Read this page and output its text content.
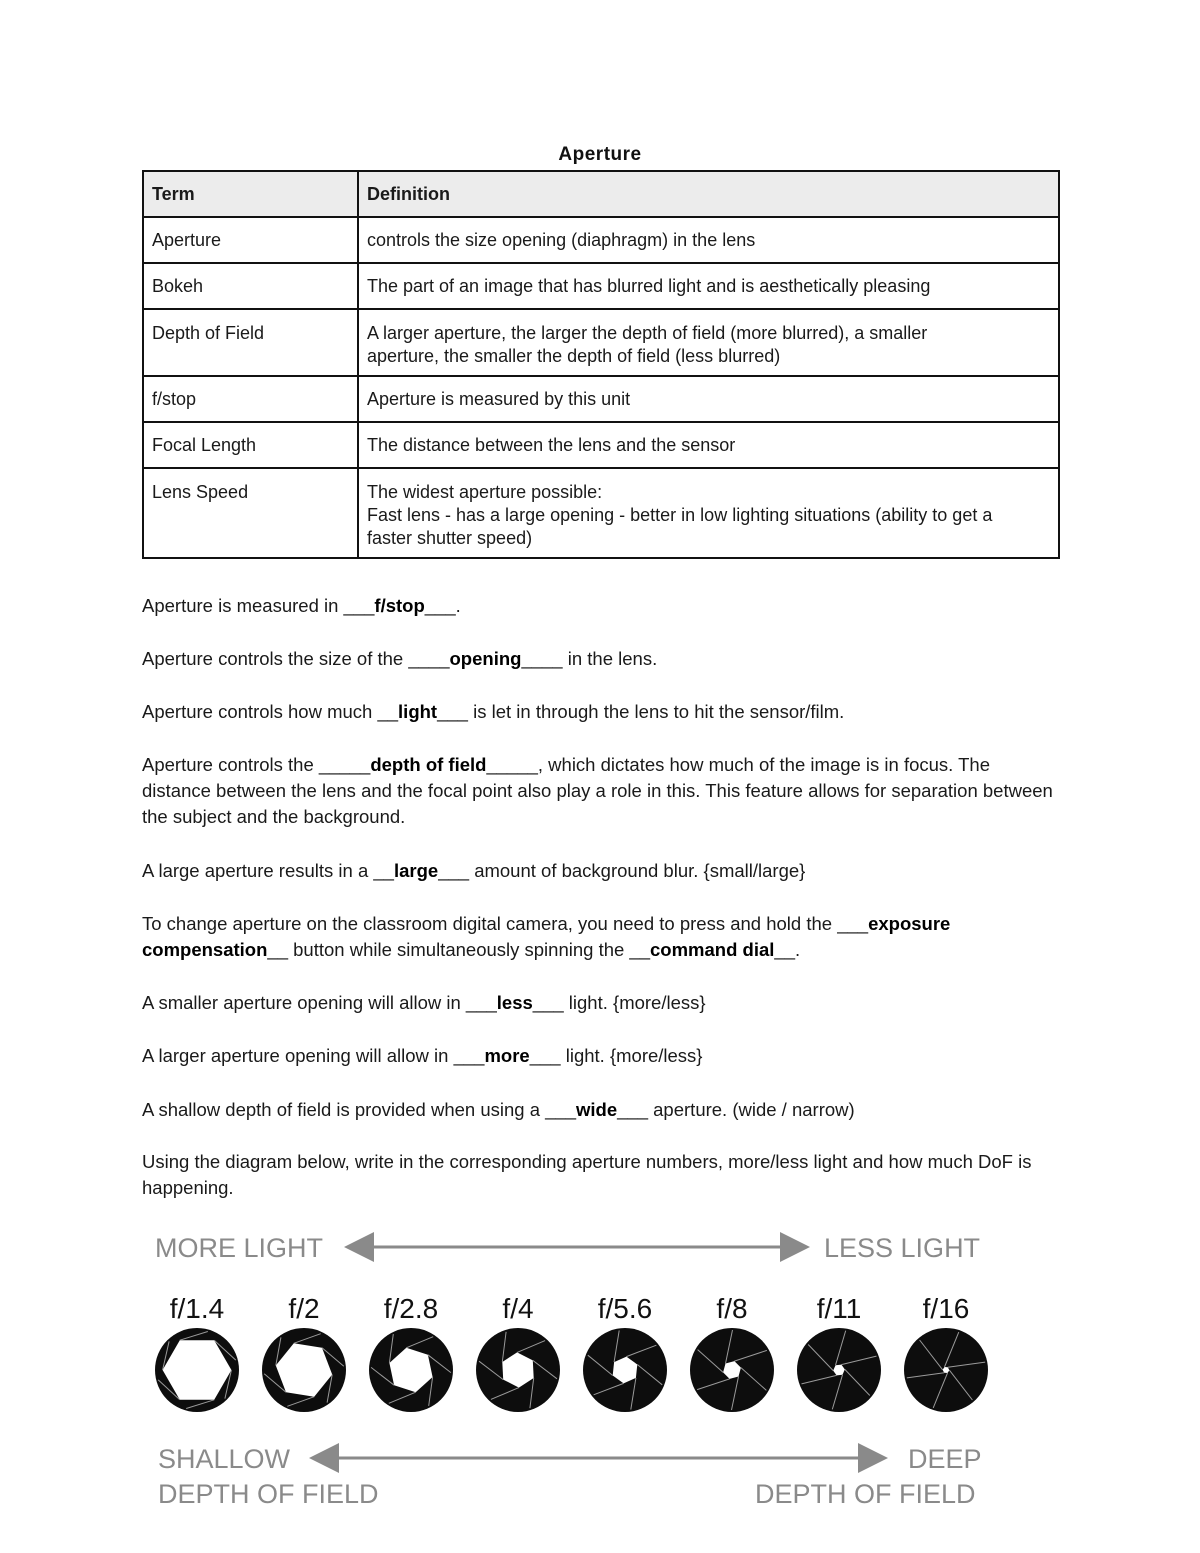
Aperture
Term	Definition
Aperture	controls the size opening (diaphragm) in the lens

Bokeh	The part of an image that has blurred light and is aesthetically pleasing

Depth of Field	A larger aperture, the larger the depth of field (more blurred), a smaller
aperture, the smaller the depth of field (less blurred)

f/stop	Aperture is measured by this unit

Focal Length	The distance between the lens and the sensor

Lens Speed	The widest aperture possible:
Fast lens - has a large opening - better in low lighting situations (ability to get a
faster shutter speed)

Aperture is measured in ___f/stop___.

Aperture controls the size of the ____opening____ in the lens.

Aperture controls how much __light___ is let in through the lens to hit the sensor/film.

Aperture controls the _____depth of field_____, which dictates how much of the image is in focus. The distance between the lens and the focal point also play a role in this. This feature allows for separation between the subject and the background.

A large aperture results in a __large___ amount of background blur. {small/large}

To change aperture on the classroom digital camera, you need to press and hold the ___exposure compensation__ button while simultaneously spinning the __command dial__.

A smaller aperture opening will allow in ___less___ light. {more/less}

A larger aperture opening will allow in ___more___ light. {more/less}

A shallow depth of field is provided when using a ___wide___ aperture. (wide / narrow)

Using the diagram below, write in the corresponding aperture numbers, more/less light and how much DoF is happening.

MORE LIGHT	LESS LIGHT
f/1.4 f/2 f/2.8 f/4 f/5.6 f/8 f/11 f/16
SHALLOW
DEPTH OF FIELD
DEEP
DEPTH OF FIELD
